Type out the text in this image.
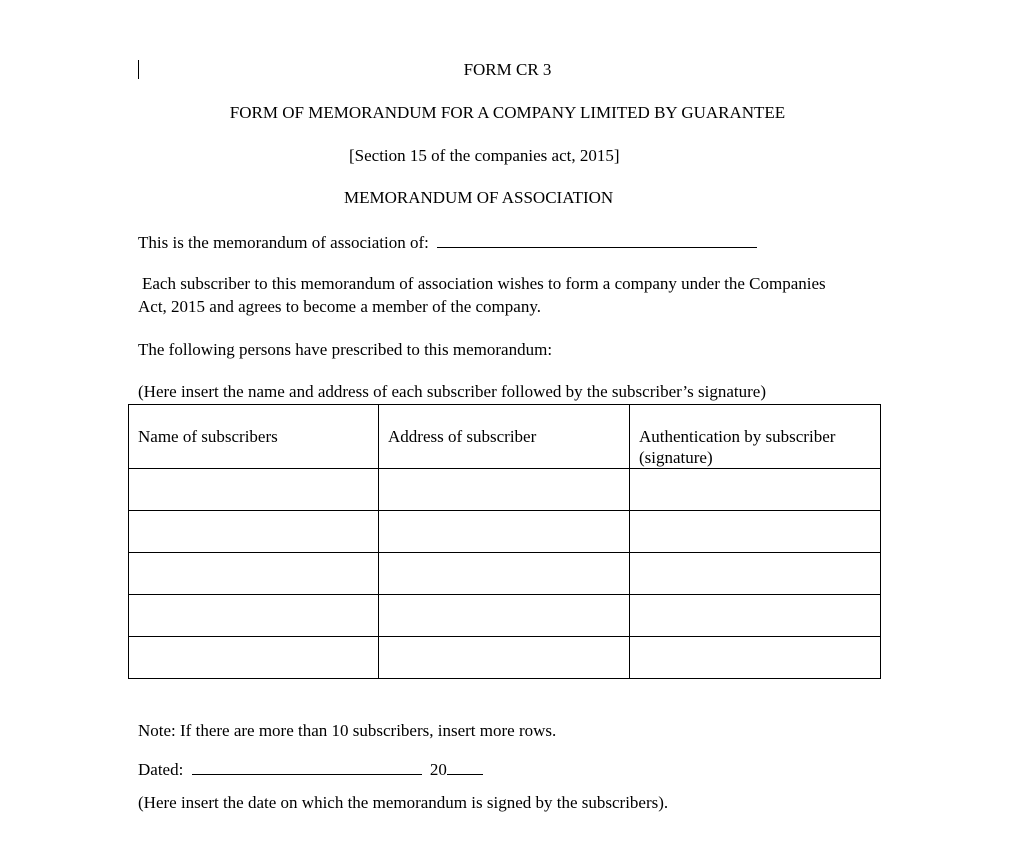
FORM CR 3
FORM OF MEMORANDUM FOR A COMPANY LIMITED BY GUARANTEE
[Section 15 of the companies act, 2015]
MEMORANDUM OF ASSOCIATION
This is the memorandum of association of:
Each subscriber to this memorandum of association wishes to form a company under the Companies
Act, 2015 and agrees to become a member of the company.
The following persons have prescribed to this memorandum:
(Here insert the name and address of each subscriber followed by the subscriber’s signature)
Name of subscribers	Address of subscriber	Authentication by subscriber (signature)

Note: If there are more than 10 subscribers, insert more rows.
Dated:	20
(Here insert the date on which the memorandum is signed by the subscribers).
